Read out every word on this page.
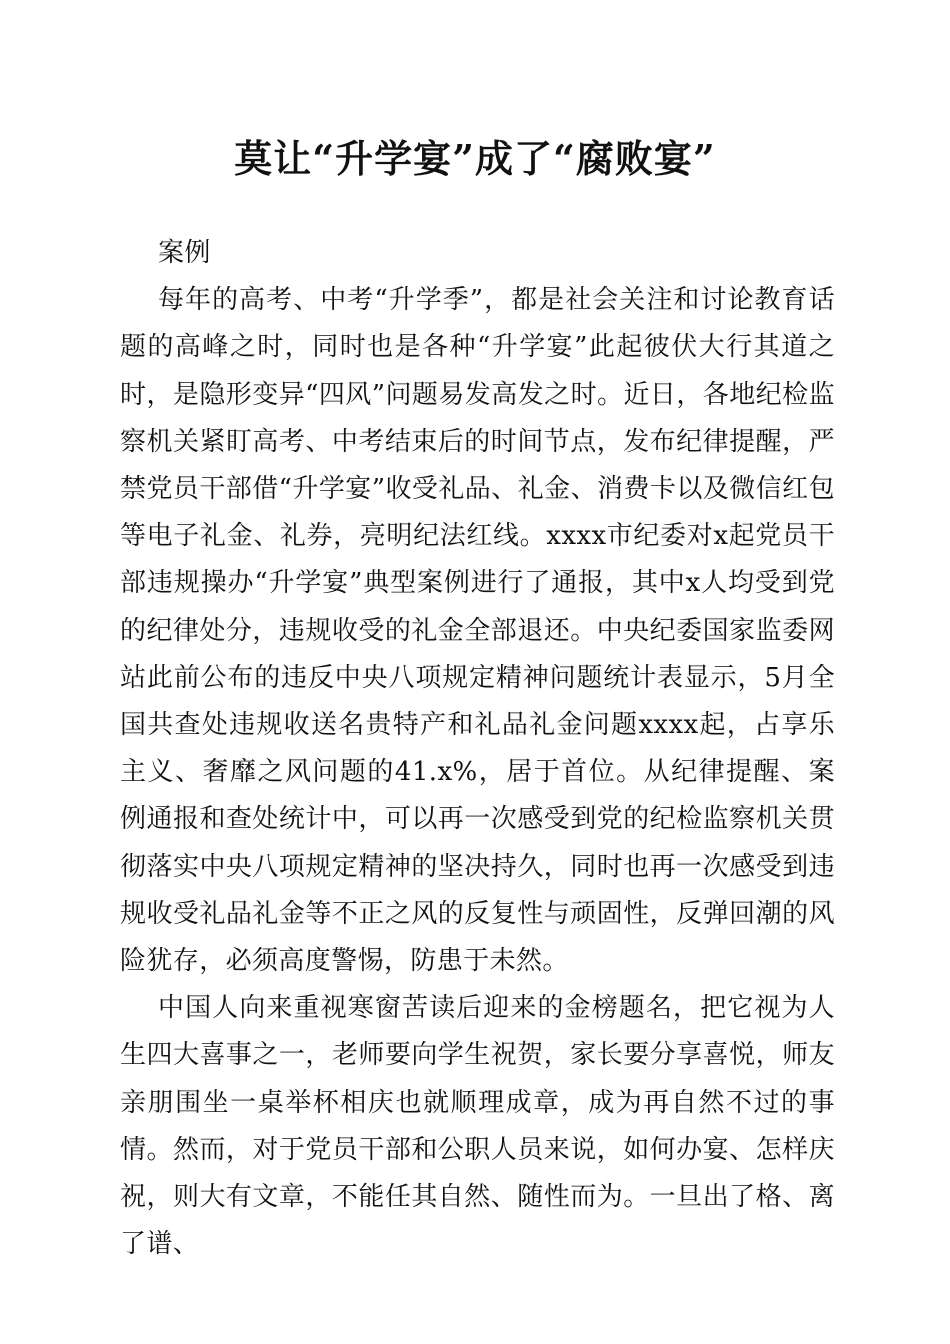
莫让“升学宴”成了“腐败宴”

案例

每年的高考、中考“升学季”，都是社会关注和讨论教育话题的高峰之时，同时也是各种“升学宴”此起彼伏大行其道之时，是隐形变异“四风”问题易发高发之时。近日，各地纪检监察机关紧盯高考、中考结束后的时间节点，发布纪律提醒，严禁党员干部借“升学宴”收受礼品、礼金、消费卡以及微信红包等电子礼金、礼券，亮明纪法红线。xxxx市纪委对x起党员干部违规操办“升学宴”典型案例进行了通报，其中x人均受到党的纪律处分，违规收受的礼金全部退还。中央纪委国家监委网站此前公布的违反中央八项规定精神问题统计表显示，5月全国共查处违规收送名贵特产和礼品礼金问题xxxx起，占享乐主义、奢靡之风问题的41.x%，居于首位。从纪律提醒、案例通报和查处统计中，可以再一次感受到党的纪检监察机关贯彻落实中央八项规定精神的坚决持久，同时也再一次感受到违规收受礼品礼金等不正之风的反复性与顽固性，反弹回潮的风险犹存，必须高度警惕，防患于未然。

中国人向来重视寒窗苦读后迎来的金榜题名，把它视为人生四大喜事之一，老师要向学生祝贺，家长要分享喜悦，师友亲朋围坐一桌举杯相庆也就顺理成章，成为再自然不过的事情。然而，对于党员干部和公职人员来说，如何办宴、怎样庆祝，则大有文章，不能任其自然、随性而为。一旦出了格、离了谱、
